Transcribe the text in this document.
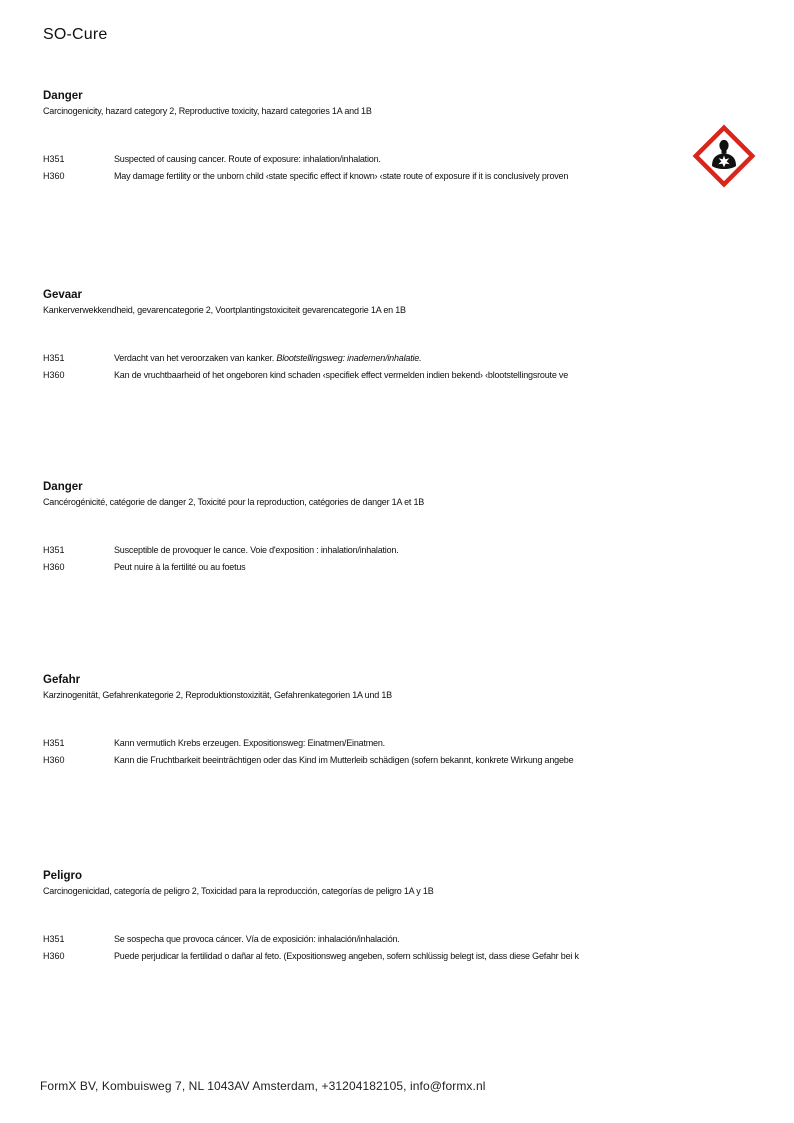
SO-Cure
Danger

Carcinogenicity, hazard category 2, Reproductive toxicity, hazard categories 1A and 1B

H351	Suspected of causing cancer. Route of exposure: inhalation/inhalation.
H360	May damage fertility or the unborn child ‹state specific effect if known› ‹state route of exposure if it is conclusively proven
Gevaar

Kankerverwekkendheid, gevarencategorie 2, Voortplantingstoxiciteit gevarencategorie 1A en 1B

H351	Verdacht van het veroorzaken van kanker. Blootstellingsweg: inademen/inhalatie.
H360	Kan de vruchtbaarheid of het ongeboren kind schaden ‹specifiek effect vermelden indien bekend› ‹blootstellingsroute ve
Danger

Cancérogénicité, catégorie de danger 2, Toxicité pour la reproduction, catégories de danger 1A et 1B

H351	Susceptible de provoquer le cance. Voie d'exposition : inhalation/inhalation.
H360	Peut nuire à la fertilité ou au foetus
Gefahr

Karzinogenität, Gefahrenkategorie 2, Reproduktionstoxizität, Gefahrenkategorien 1A und 1B

H351	Kann vermutlich Krebs erzeugen. Expositionsweg: Einatmen/Einatmen.
H360	Kann die Fruchtbarkeit beeinträchtigen oder das Kind im Mutterleib schädigen (sofern bekannt, konkrete Wirkung angebe
Peligro

Carcinogenicidad, categoría de peligro 2, Toxicidad para la reproducción, categorías de peligro 1A y 1B

H351	Se sospecha que provoca cáncer. Vía de exposición: inhalación/inhalación.
H360	Puede perjudicar la fertilidad o dañar al feto. (Expositionsweg angeben, sofern schlüssig belegt ist, dass diese Gefahr bei k
FormX BV, Kombuisweg 7, NL 1043AV Amsterdam, +31204182105, info@formx.nl
